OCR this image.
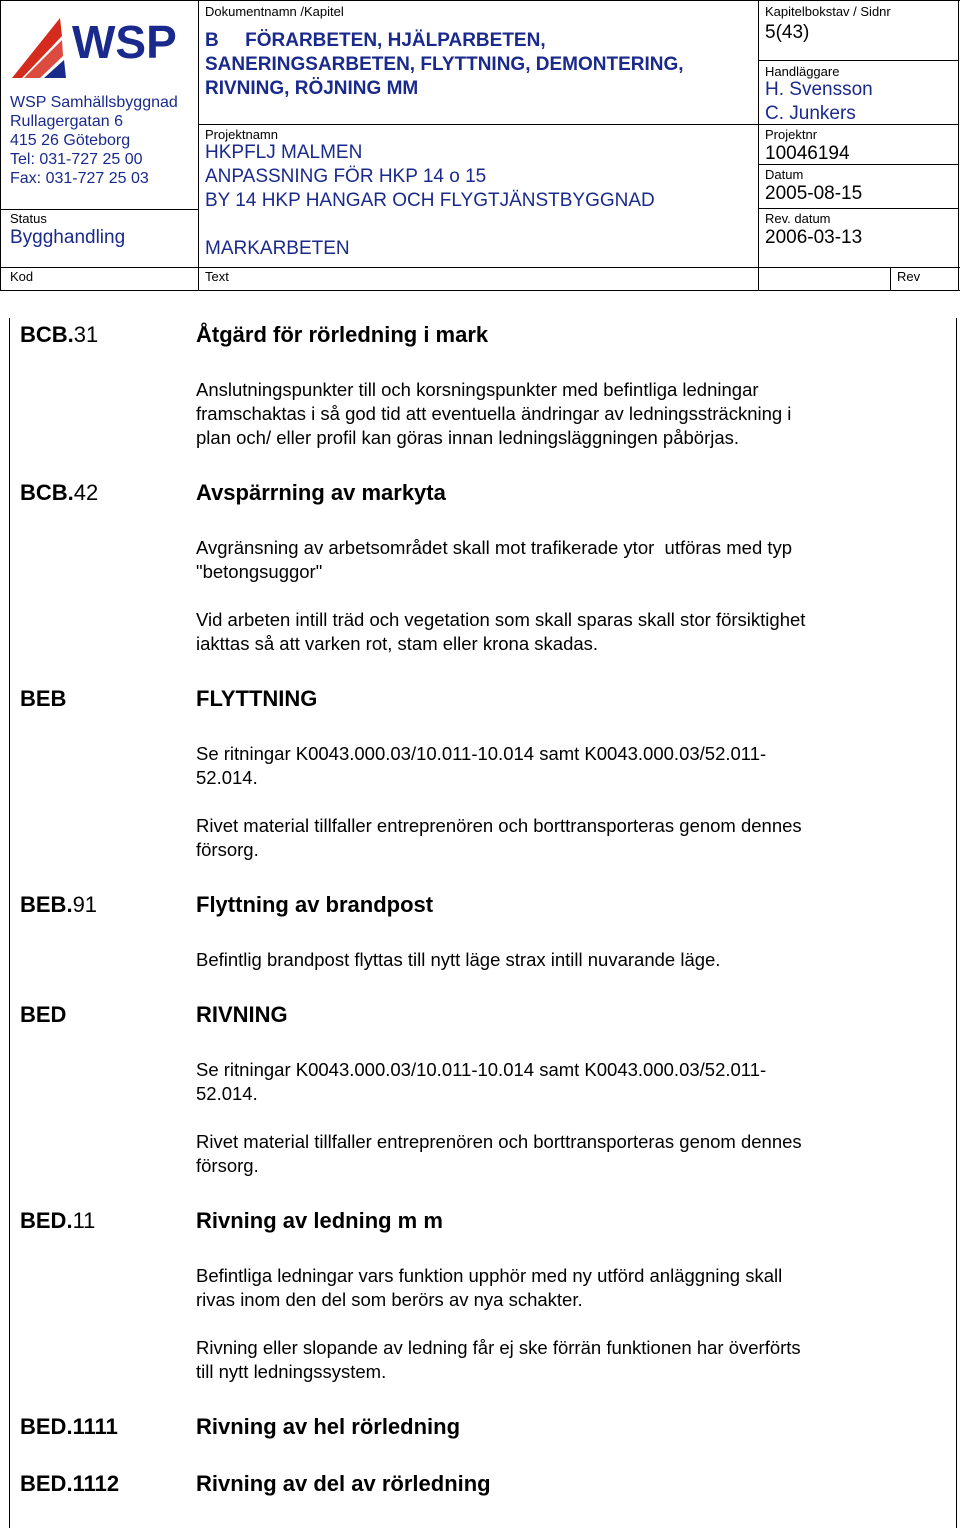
WSP
WSP Samhällsbyggnad
Rullagergatan 6
415 26 Göteborg
Tel: 031-727 25 00
Fax: 031-727 25 03
Status
Bygghandling
Dokumentnamn /Kapitel
B     FÖRARBETEN, HJÄLPARBETEN,
SANERINGSARBETEN, FLYTTNING, DEMONTERING,
RIVNING, RÖJNING MM
Projektnamn
HKPFLJ MALMEN
ANPASSNING FÖR HKP 14 o 15
BY 14 HKP HANGAR OCH FLYGTJÄNSTBYGGNAD
MARKARBETEN
Kapitelbokstav / Sidnr
5(43)
Handläggare
H. Svensson
C. Junkers
Projektnr
10046194
Datum
2005-08-15
Rev. datum
2006-03-13
Kod	Text	Rev
BCB.31	Åtgärd för rörledning i mark
Anslutningspunkter till och korsningspunkter med befintliga ledningar
framschaktas i så god tid att eventuella ändringar av ledningssträckning i
plan och/ eller profil kan göras innan ledningsläggningen påbörjas.
BCB.42	Avspärrning av markyta
Avgränsning av arbetsområdet skall mot trafikerade ytor  utföras med typ
"betongsuggor"
Vid arbeten intill träd och vegetation som skall sparas skall stor försiktighet
iakttas så att varken rot, stam eller krona skadas.
BEB	FLYTTNING
Se ritningar K0043.000.03/10.011-10.014 samt K0043.000.03/52.011-
52.014.
Rivet material tillfaller entreprenören och borttransporteras genom dennes
försorg.
BEB.91	Flyttning av brandpost
Befintlig brandpost flyttas till nytt läge strax intill nuvarande läge.
BED	RIVNING
Se ritningar K0043.000.03/10.011-10.014 samt K0043.000.03/52.011-
52.014.
Rivet material tillfaller entreprenören och borttransporteras genom dennes
försorg.
BED.11	Rivning av ledning m m
Befintliga ledningar vars funktion upphör med ny utförd anläggning skall
rivas inom den del som berörs av nya schakter.
Rivning eller slopande av ledning får ej ske förrän funktionen har överförts
till nytt ledningssystem.
BED.1111	Rivning av hel rörledning
BED.1112	Rivning av del av rörledning
